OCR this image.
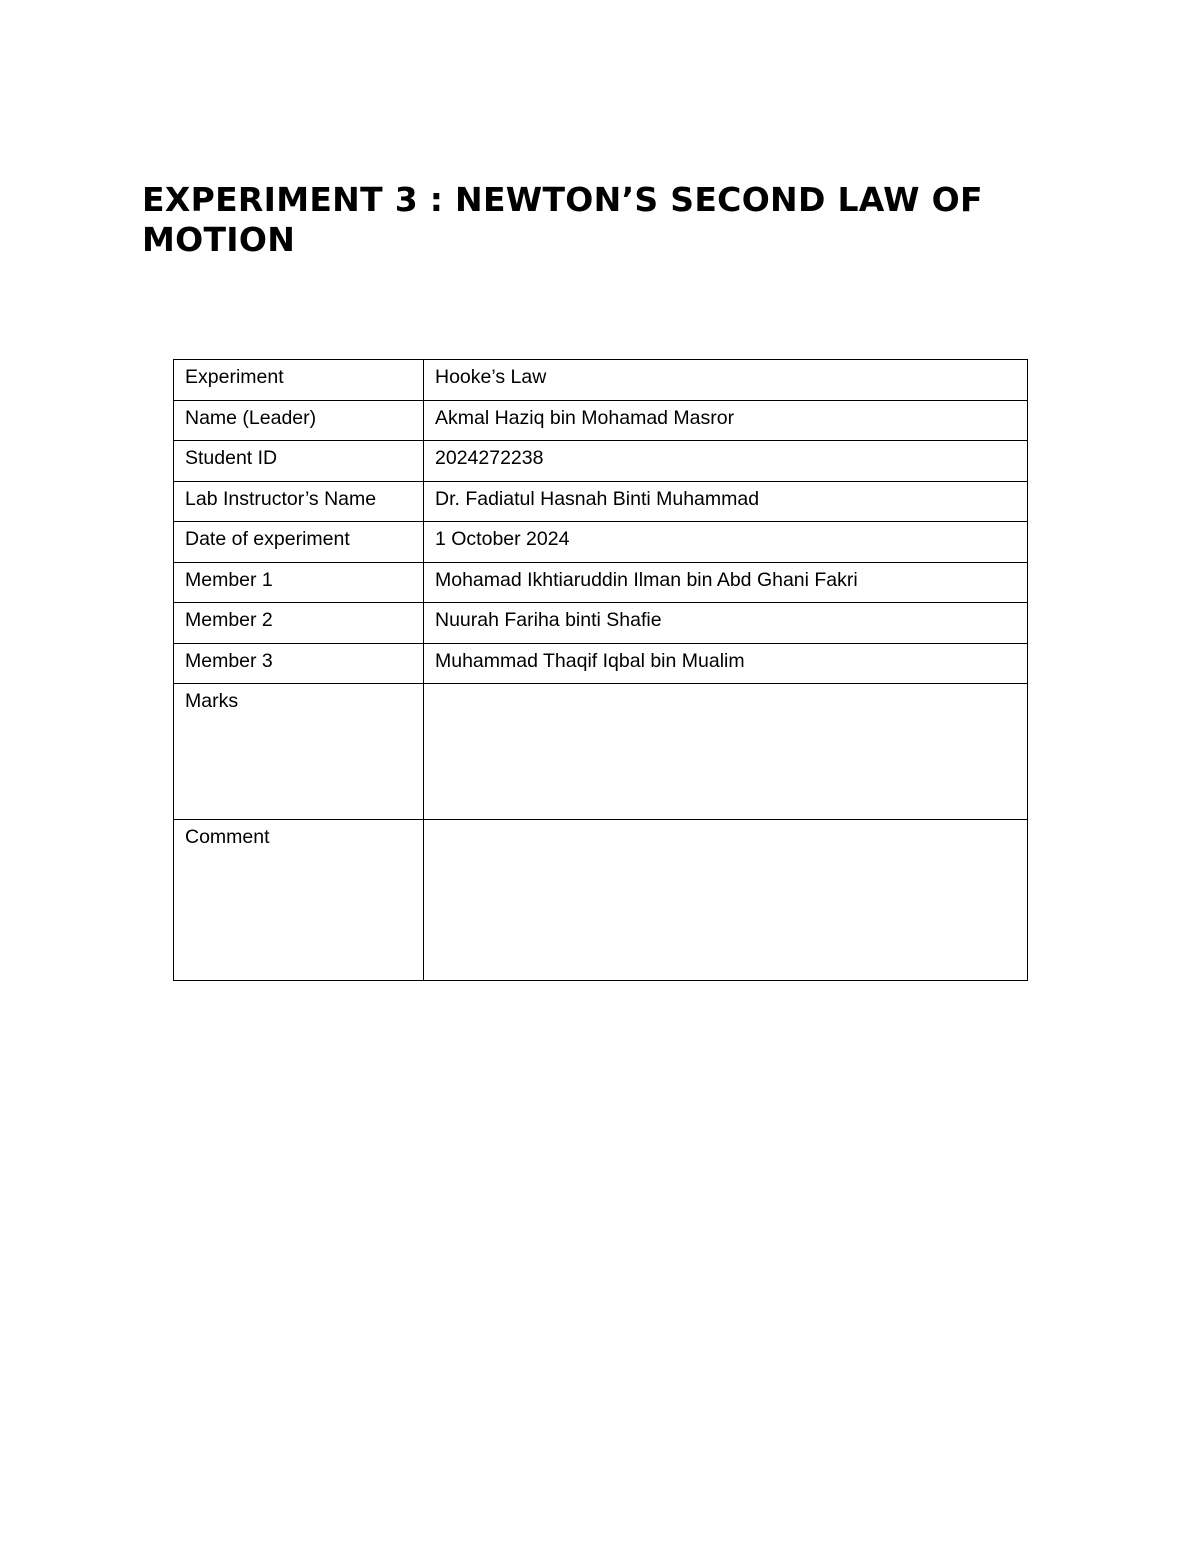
EXPERIMENT 3 : NEWTON’S SECOND LAW OF MOTION
Experiment	Hooke’s Law
Name (Leader)	Akmal Haziq bin Mohamad Masror
Student ID	2024272238
Lab Instructor’s Name	Dr. Fadiatul Hasnah Binti Muhammad
Date of experiment	1 October 2024
Member 1	Mohamad Ikhtiaruddin Ilman bin Abd Ghani Fakri
Member 2	Nuurah Fariha binti Shafie
Member 3	Muhammad Thaqif Iqbal bin Mualim
Marks	
Comment	
